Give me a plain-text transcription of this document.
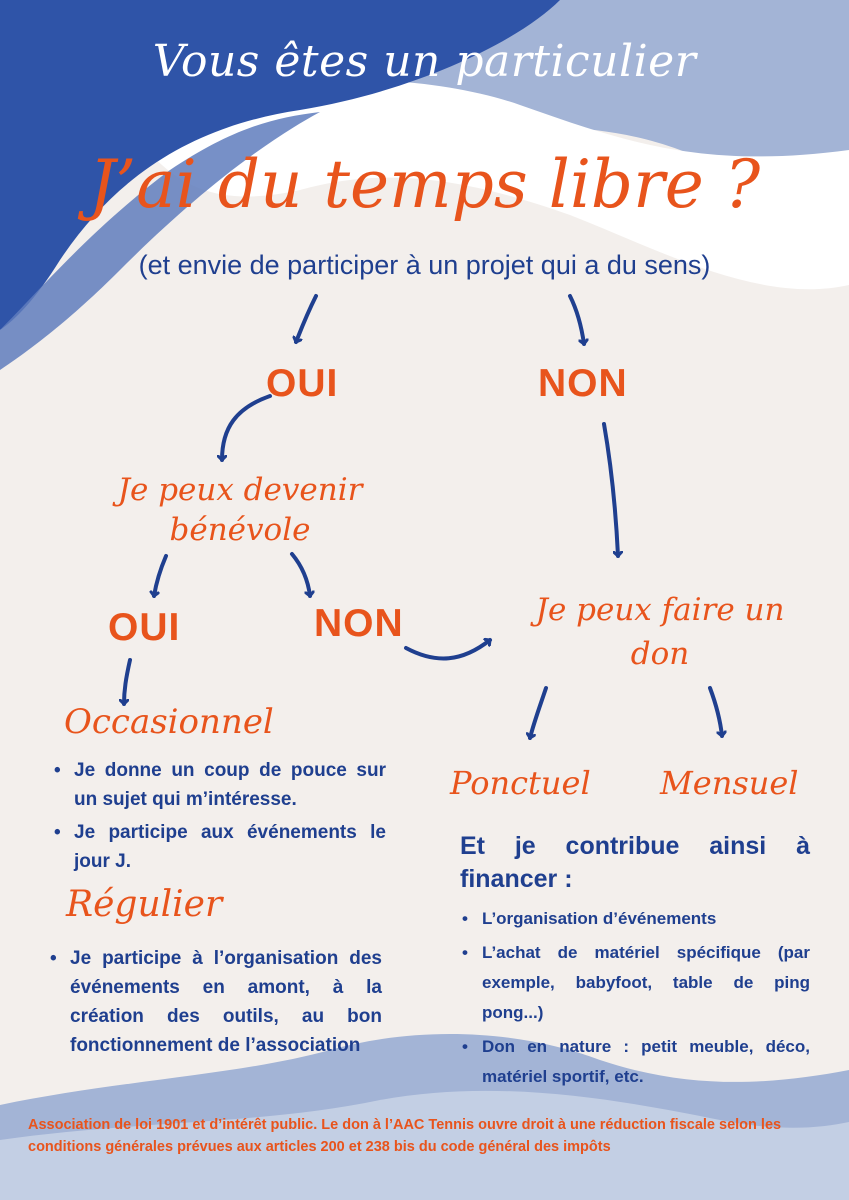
Vous êtes un particulier
J’ai du temps libre ?
(et envie de participer à un projet qui a du sens)
OUI	NON
Je peux devenir
bénévole
OUI	NON	Je peux faire un
don
Occasionnel
• Je donne un coup de pouce sur un sujet qui m’intéresse.
• Je participe aux événements le jour J.
Régulier
• Je participe à l’organisation des événements en amont, à la création des outils, au bon fonctionnement de l’association
Ponctuel Mensuel
Et je contribue ainsi à financer :
• L’organisation d’événements
• L’achat de matériel spécifique (par exemple, babyfoot, table de ping pong...)
• Don en nature : petit meuble, déco, matériel sportif, etc.
Association de loi 1901 et d’intérêt public. Le don à l’AAC Tennis ouvre droit à une réduction fiscale selon les conditions générales prévues aux articles 200 et 238 bis du code général des impôts
